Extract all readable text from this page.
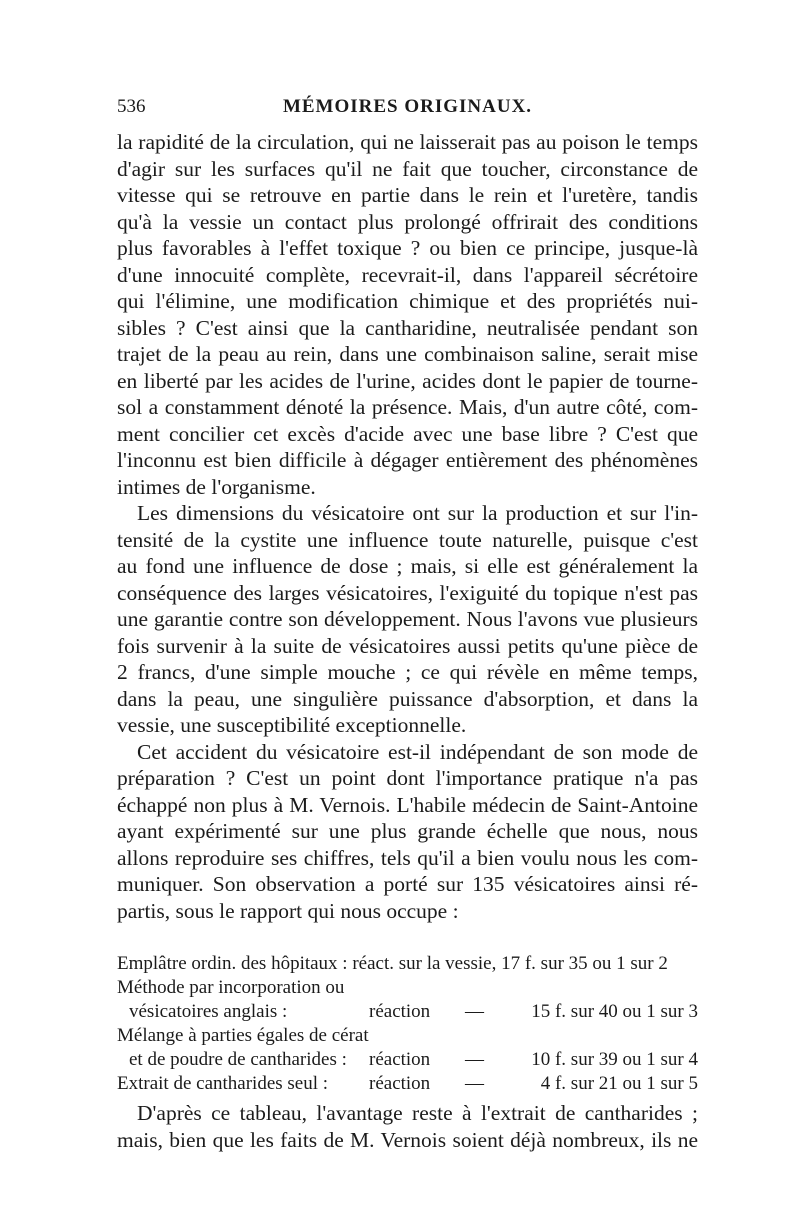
536	MÉMOIRES ORIGINAUX.
la rapidité de la circulation, qui ne laisserait pas au poison le temps
d'agir sur les surfaces qu'il ne fait que toucher, circonstance de
vitesse qui se retrouve en partie dans le rein et l'uretère, tandis
qu'à la vessie un contact plus prolongé offrirait des conditions
plus favorables à l'effet toxique ? ou bien ce principe, jusque-là
d'une innocuité complète, recevrait-il, dans l'appareil sécrétoire
qui l'élimine, une modification chimique et des propriétés nui-
sibles ? C'est ainsi que la cantharidine, neutralisée pendant son
trajet de la peau au rein, dans une combinaison saline, serait mise
en liberté par les acides de l'urine, acides dont le papier de tourne-
sol a constamment dénoté la présence. Mais, d'un autre côté, com-
ment concilier cet excès d'acide avec une base libre ? C'est que
l'inconnu est bien difficile à dégager entièrement des phénomènes
intimes de l'organisme.
Les dimensions du vésicatoire ont sur la production et sur l'in-
tensité de la cystite une influence toute naturelle, puisque c'est
au fond une influence de dose ; mais, si elle est généralement la
conséquence des larges vésicatoires, l'exiguité du topique n'est pas
une garantie contre son développement. Nous l'avons vue plusieurs
fois survenir à la suite de vésicatoires aussi petits qu'une pièce de
2 francs, d'une simple mouche ; ce qui révèle en même temps,
dans la peau, une singulière puissance d'absorption, et dans la
vessie, une susceptibilité exceptionnelle.
Cet accident du vésicatoire est-il indépendant de son mode de
préparation ? C'est un point dont l'importance pratique n'a pas
échappé non plus à M. Vernois. L'habile médecin de Saint-Antoine
ayant expérimenté sur une plus grande échelle que nous, nous
allons reproduire ses chiffres, tels qu'il a bien voulu nous les com-
muniquer. Son observation a porté sur 135 vésicatoires ainsi ré-
partis, sous le rapport qui nous occupe :
Emplâtre ordin. des hôpitaux : réact. sur la vessie, 17 f. sur 35 ou 1 sur 2
Méthode par incorporation ou
vésicatoires anglais :	réaction — 15 f. sur 40 ou 1 sur 3
Mélange à parties égales de cérat
et de poudre de cantharides : réaction — 10 f. sur 39 ou 1 sur 4
Extrait de cantharides seul : réaction —	4 f. sur 21 ou 1 sur 5
D'après ce tableau, l'avantage reste à l'extrait de cantharides ;
mais, bien que les faits de M. Vernois soient déjà nombreux, ils ne
